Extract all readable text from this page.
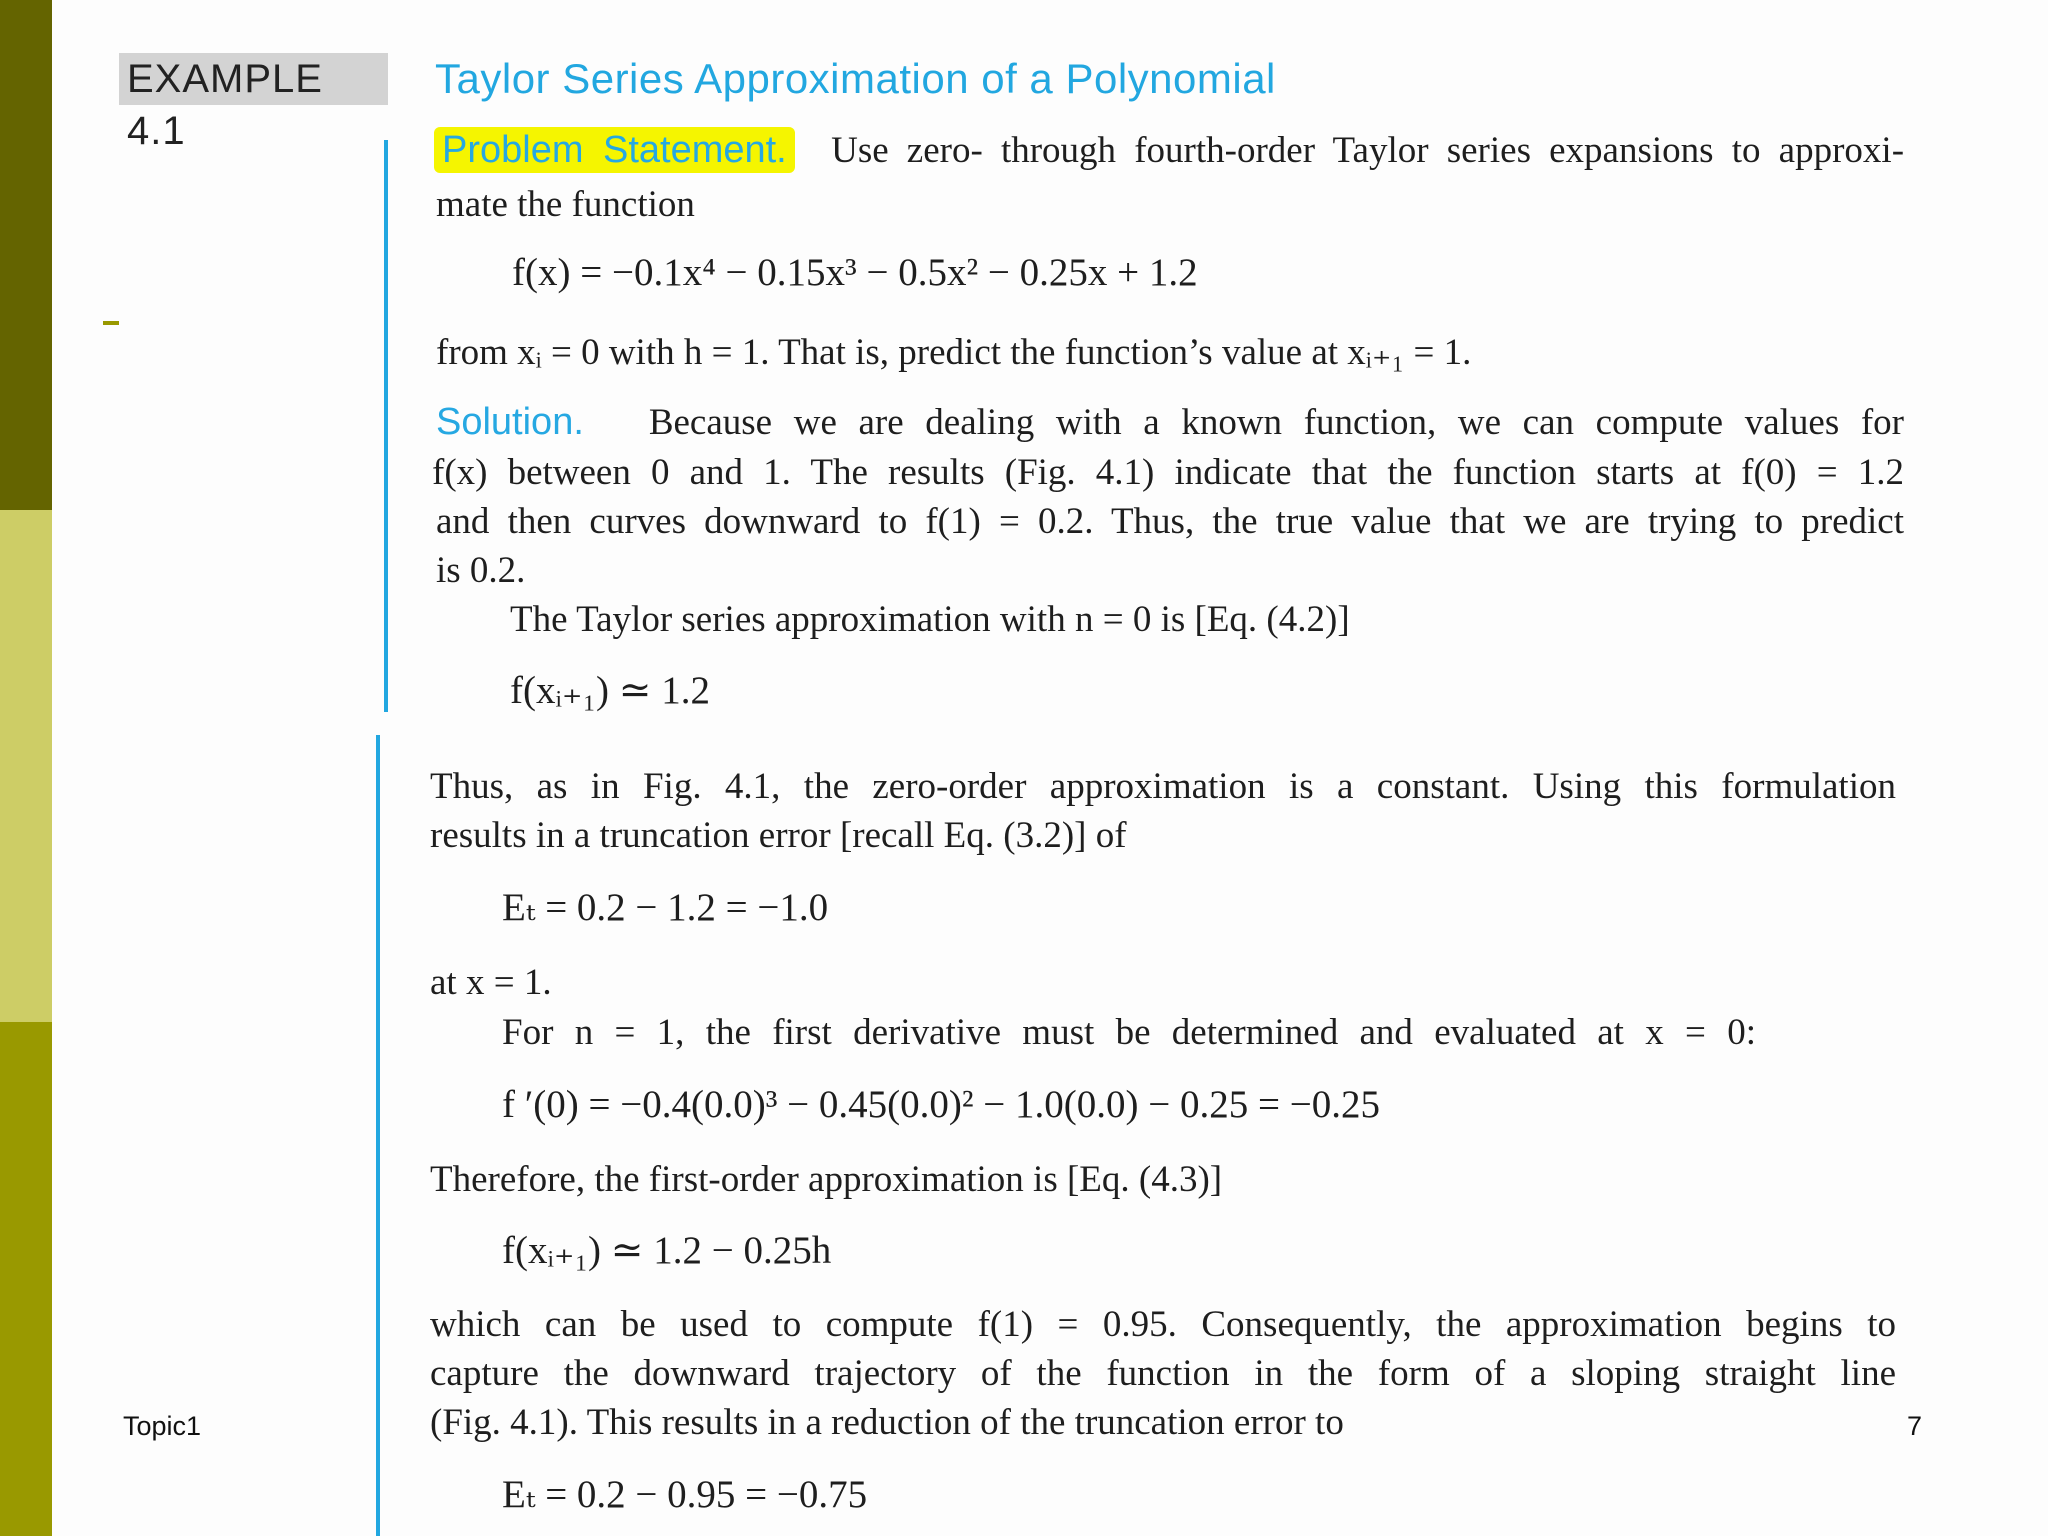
EXAMPLE 4.1
Taylor Series Approximation of a Polynomial
Problem Statement. Use zero- through fourth-order Taylor series expansions to approxi-
mate the function
f(x) = −0.1x⁴ − 0.15x³ − 0.5x² − 0.25x + 1.2
from xᵢ = 0 with h = 1. That is, predict the function’s value at xᵢ₊₁ = 1.
Solution. Because we are dealing with a known function, we can compute values for
f(x) between 0 and 1. The results (Fig. 4.1) indicate that the function starts at f(0) = 1.2
and then curves downward to f(1) = 0.2. Thus, the true value that we are trying to predict
is 0.2.
The Taylor series approximation with n = 0 is [Eq. (4.2)]
f(xᵢ₊₁) ≃ 1.2
Thus, as in Fig. 4.1, the zero-order approximation is a constant. Using this formulation
results in a truncation error [recall Eq. (3.2)] of
Eₜ = 0.2 − 1.2 = −1.0
at x = 1.
For n = 1, the first derivative must be determined and evaluated at x = 0:
f ′(0) = −0.4(0.0)³ − 0.45(0.0)² − 1.0(0.0) − 0.25 = −0.25
Therefore, the first-order approximation is [Eq. (4.3)]
f(xᵢ₊₁) ≃ 1.2 − 0.25h
which can be used to compute f(1) = 0.95. Consequently, the approximation begins to
capture the downward trajectory of the function in the form of a sloping straight line
(Fig. 4.1). This results in a reduction of the truncation error to
Eₜ = 0.2 − 0.95 = −0.75
Topic1	7
